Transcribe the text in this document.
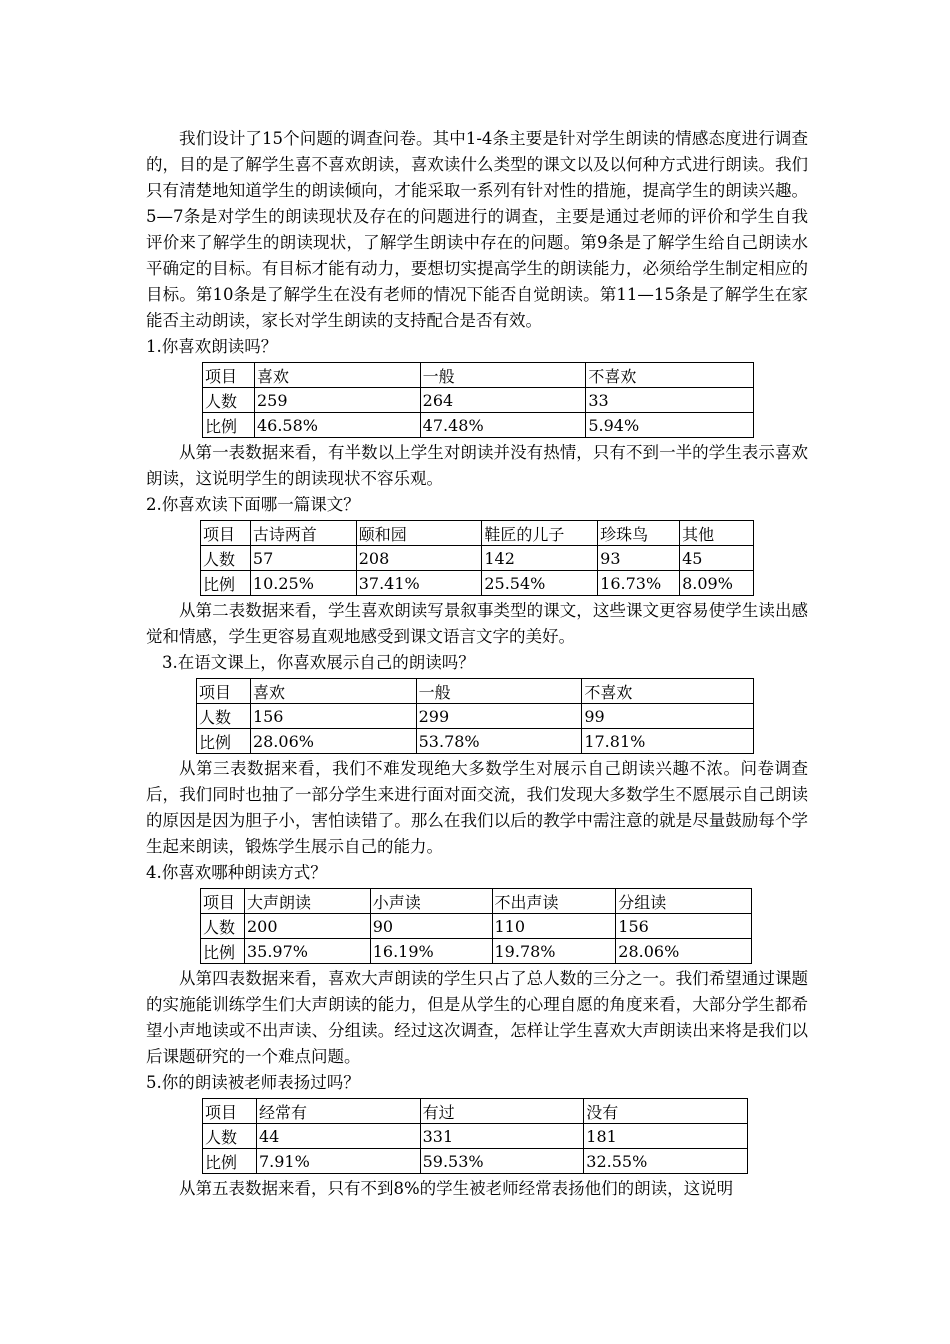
我们设计了15个问题的调查问卷。其中1-4条主要是针对学生朗读的情感态度进行调查的，目的是了解学生喜不喜欢朗读，喜欢读什么类型的课文以及以何种方式进行朗读。我们只有清楚地知道学生的朗读倾向，才能采取一系列有针对性的措施，提高学生的朗读兴趣。5—7条是对学生的朗读现状及存在的问题进行的调查，主要是通过老师的评价和学生自我评价来了解学生的朗读现状，了解学生朗读中存在的问题。第9条是了解学生给自己朗读水平确定的目标。有目标才能有动力，要想切实提高学生的朗读能力，必须给学生制定相应的目标。第10条是了解学生在没有老师的情况下能否自觉朗读。第11—15条是了解学生在家能否主动朗读，家长对学生朗读的支持配合是否有效。

1.你喜欢朗读吗？

项目	喜欢	一般	不喜欢
人数	259	264	33
比例	46.58%	47.48%	5.94%

从第一表数据来看，有半数以上学生对朗读并没有热情，只有不到一半的学生表示喜欢朗读，这说明学生的朗读现状不容乐观。

2.你喜欢读下面哪一篇课文？

项目	古诗两首	颐和园	鞋匠的儿子	珍珠鸟	其他
人数	57	208	142	93	45
比例	10.25%	37.41%	25.54%	16.73%	8.09%

从第二表数据来看，学生喜欢朗读写景叙事类型的课文，这些课文更容易使学生读出感觉和情感，学生更容易直观地感受到课文语言文字的美好。

3.在语文课上，你喜欢展示自己的朗读吗？

项目	喜欢	一般	不喜欢
人数	156	299	99
比例	28.06%	53.78%	17.81%

从第三表数据来看，我们不难发现绝大多数学生对展示自己朗读兴趣不浓。问卷调查后，我们同时也抽了一部分学生来进行面对面交流，我们发现大多数学生不愿展示自己朗读的原因是因为胆子小，害怕读错了。那么在我们以后的教学中需注意的就是尽量鼓励每个学生起来朗读，锻炼学生展示自己的能力。

4.你喜欢哪种朗读方式？

项目	大声朗读	小声读	不出声读	分组读
人数	200	90	110	156
比例	35.97%	16.19%	19.78%	28.06%

从第四表数据来看，喜欢大声朗读的学生只占了总人数的三分之一。我们希望通过课题的实施能训练学生们大声朗读的能力，但是从学生的心理自愿的角度来看，大部分学生都希望小声地读或不出声读、分组读。经过这次调查，怎样让学生喜欢大声朗读出来将是我们以后课题研究的一个难点问题。

5.你的朗读被老师表扬过吗？

项目	经常有	有过	没有
人数	44	331	181
比例	7.91%	59.53%	32.55%

从第五表数据来看，只有不到8%的学生被老师经常表扬他们的朗读，这说明
